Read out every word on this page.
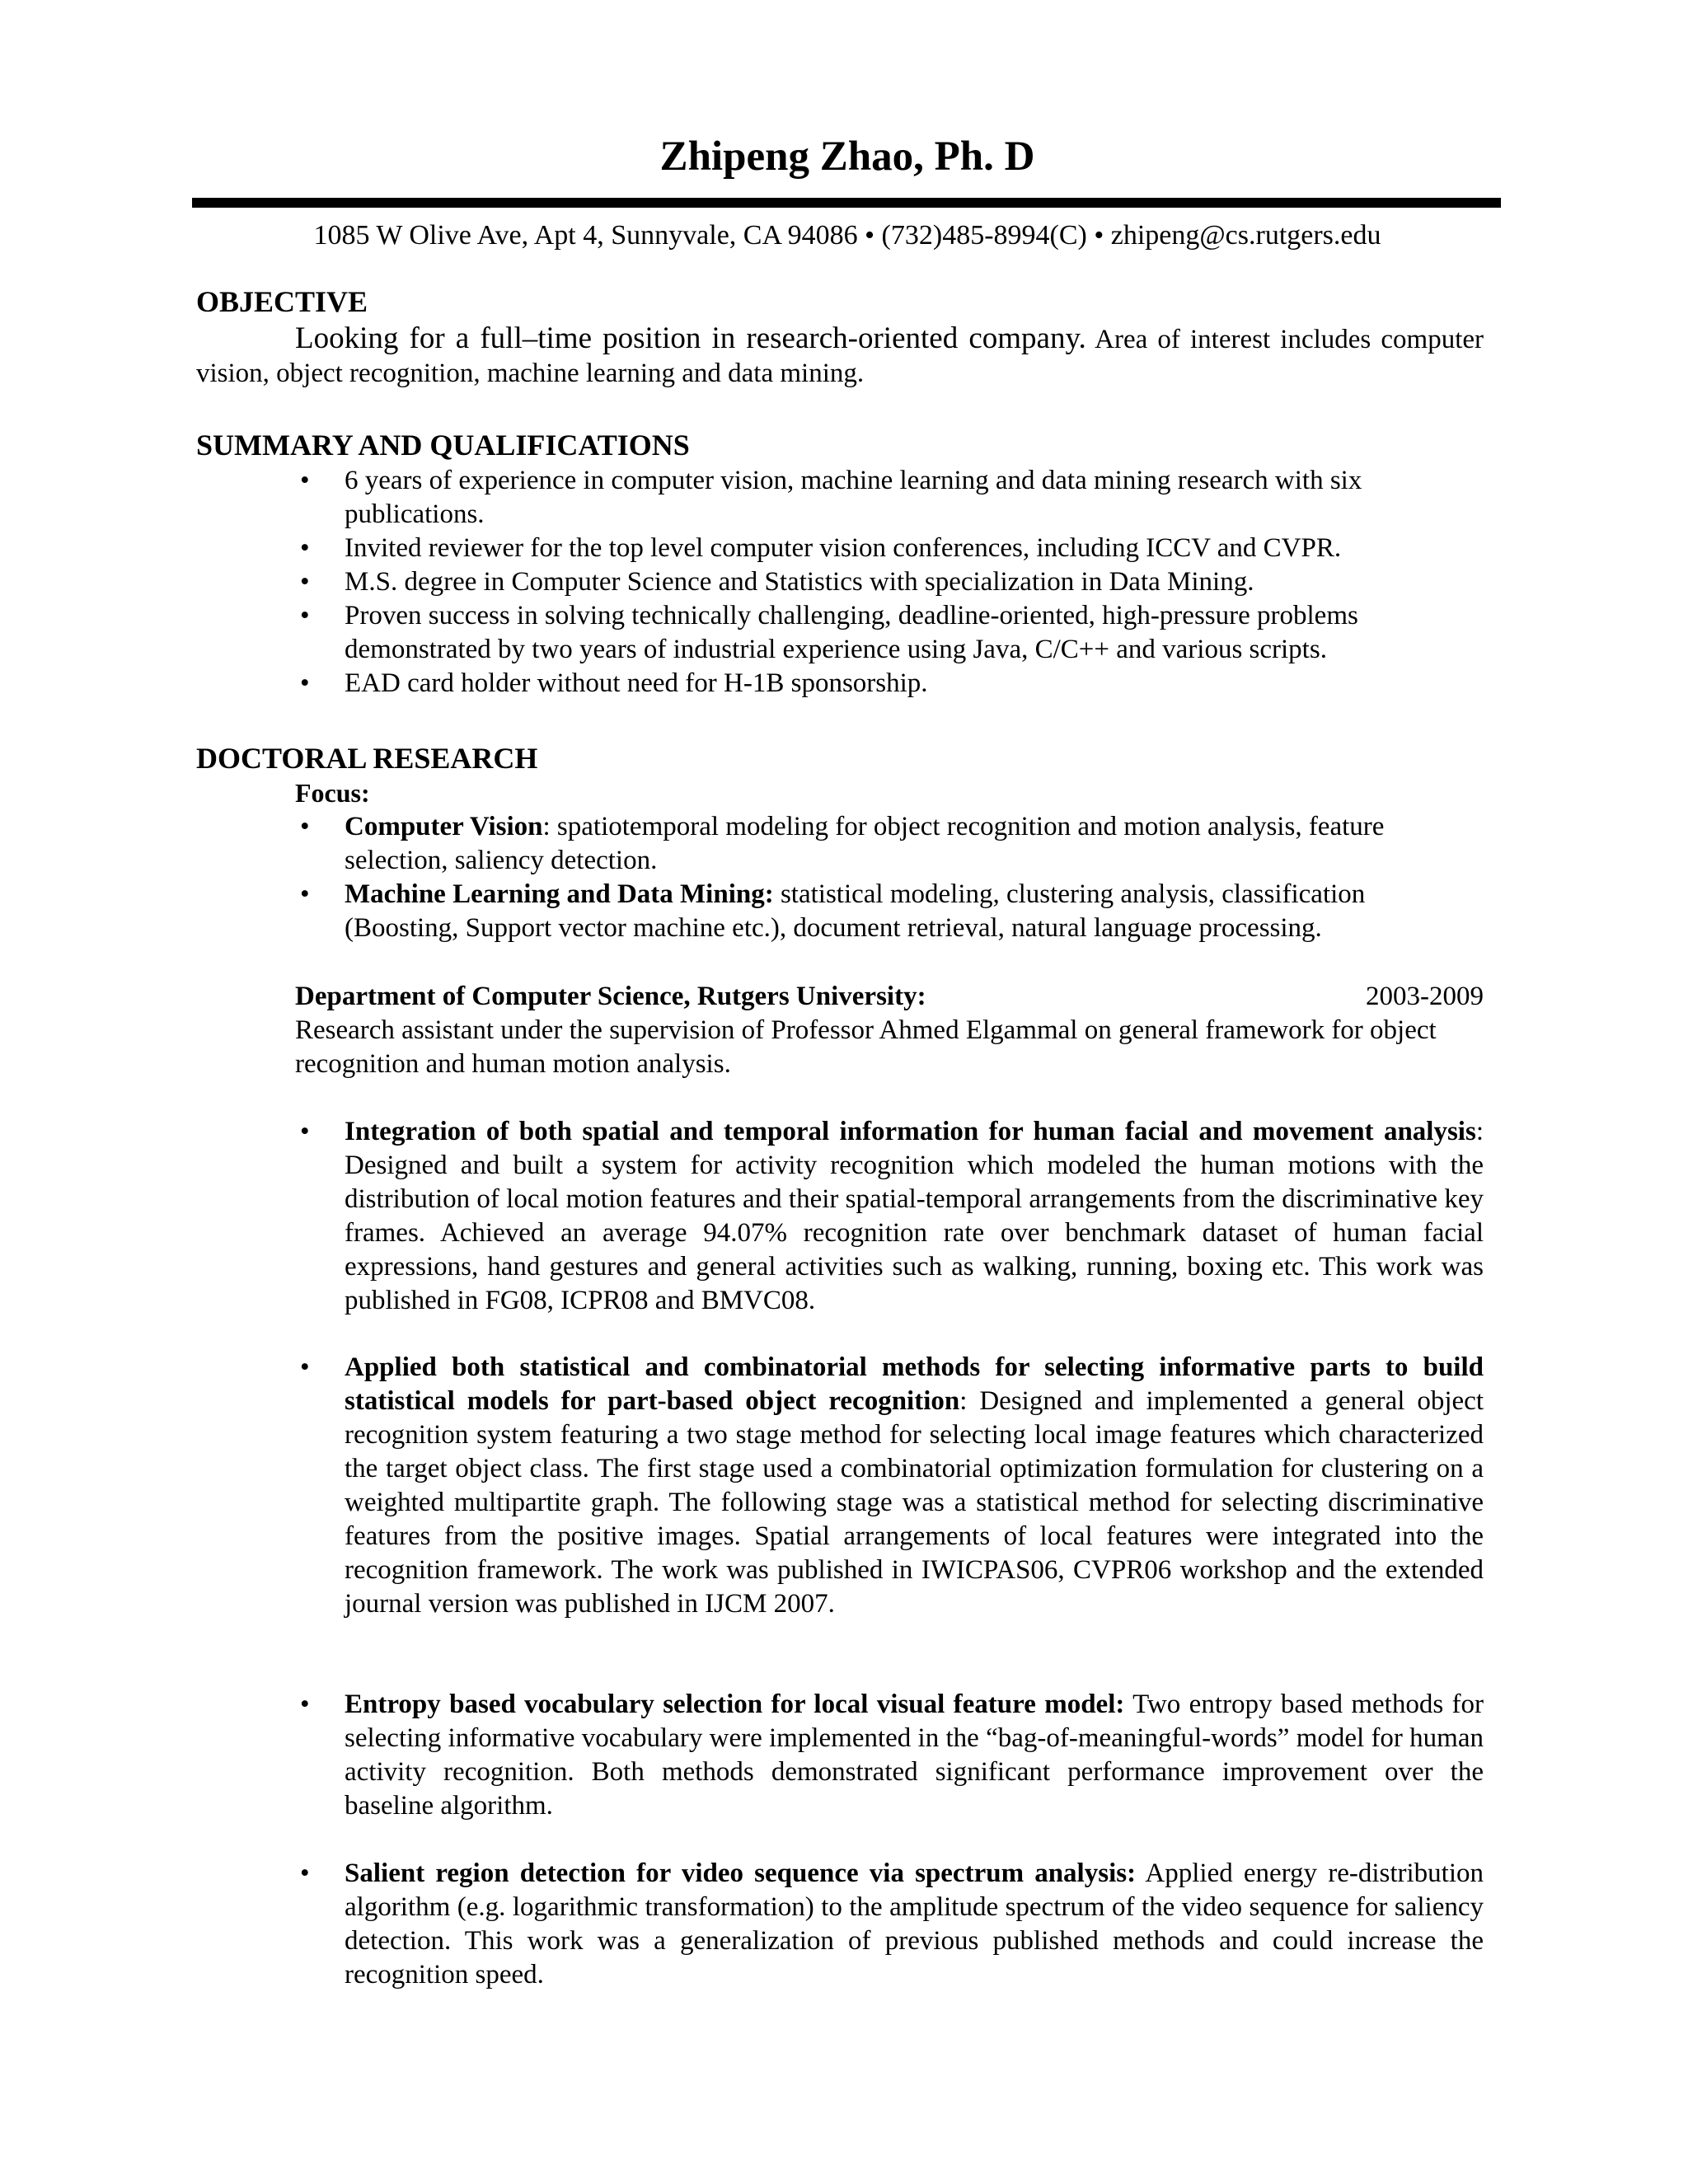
Zhipeng Zhao, Ph. D
1085 W Olive Ave, Apt 4, Sunnyvale, CA 94086 • (732)485-8994(C) • zhipeng@cs.rutgers.edu
OBJECTIVE
Looking for a full–time position in research-oriented company. Area of interest includes computer vision, object recognition, machine learning and data mining.
SUMMARY AND QUALIFICATIONS
• 6 years of experience in computer vision, machine learning and data mining research with six publications.
• Invited reviewer for the top level computer vision conferences, including ICCV and CVPR.
• M.S. degree in Computer Science and Statistics with specialization in Data Mining.
• Proven success in solving technically challenging, deadline-oriented, high-pressure problems demonstrated by two years of industrial experience using Java, C/C++ and various scripts.
• EAD card holder without need for H-1B sponsorship.
DOCTORAL RESEARCH
Focus:
• Computer Vision: spatiotemporal modeling for object recognition and motion analysis, feature selection, saliency detection.
• Machine Learning and Data Mining: statistical modeling, clustering analysis, classification (Boosting, Support vector machine etc.), document retrieval, natural language processing.
Department of Computer Science, Rutgers University:	2003-2009
Research assistant under the supervision of Professor Ahmed Elgammal on general framework for object recognition and human motion analysis.
• Integration of both spatial and temporal information for human facial and movement analysis: Designed and built a system for activity recognition which modeled the human motions with the distribution of local motion features and their spatial-temporal arrangements from the discriminative key frames. Achieved an average 94.07% recognition rate over benchmark dataset of human facial expressions, hand gestures and general activities such as walking, running, boxing etc. This work was published in FG08, ICPR08 and BMVC08.
• Applied both statistical and combinatorial methods for selecting informative parts to build statistical models for part-based object recognition: Designed and implemented a general object recognition system featuring a two stage method for selecting local image features which characterized the target object class. The first stage used a combinatorial optimization formulation for clustering on a weighted multipartite graph. The following stage was a statistical method for selecting discriminative features from the positive images. Spatial arrangements of local features were integrated into the recognition framework. The work was published in IWICPAS06, CVPR06 workshop and the extended journal version was published in IJCM 2007.
• Entropy based vocabulary selection for local visual feature model: Two entropy based methods for selecting informative vocabulary were implemented in the “bag-of-meaningful-words” model for human activity recognition. Both methods demonstrated significant performance improvement over the baseline algorithm.
• Salient region detection for video sequence via spectrum analysis: Applied energy re-distribution algorithm (e.g. logarithmic transformation) to the amplitude spectrum of the video sequence for saliency detection. This work was a generalization of previous published methods and could increase the recognition speed.
